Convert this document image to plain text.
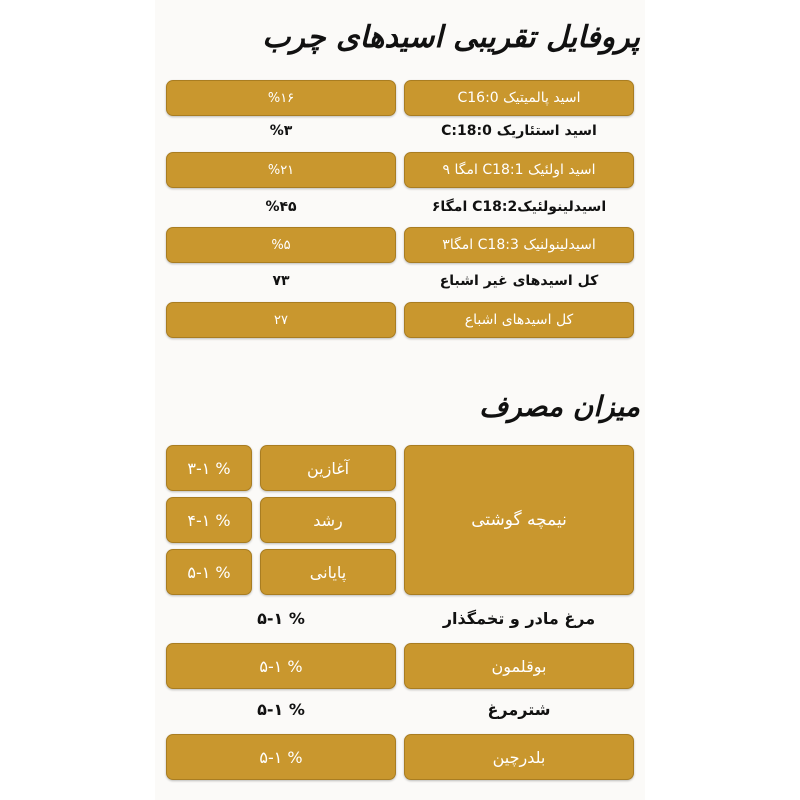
پروفایل تقریبی اسیدهای چرب
اسید پالمیتیک C16:0
%۱۶
اسید استئاریک C:18:0
%۳
اسید اولئیک C18:1 امگا ۹
%۲۱
اسیدلینولئیکC18:2 امگا۶
%۴۵
اسیدلینولنیک C18:3 امگا۳
%۵
کل اسیدهای غیر اشباع
۷۳
کل اسیدهای اشباع
۲۷
میزان مصرف
نیمچه گوشتی
آغازین
% ۳-۱
رشد
% ۴-۱
پایانی
% ۵-۱
مرغ مادر و تخمگذار
% ۵-۱
بوقلمون
% ۵-۱
شترمرغ
% ۵-۱
بلدرچین
% ۵-۱
